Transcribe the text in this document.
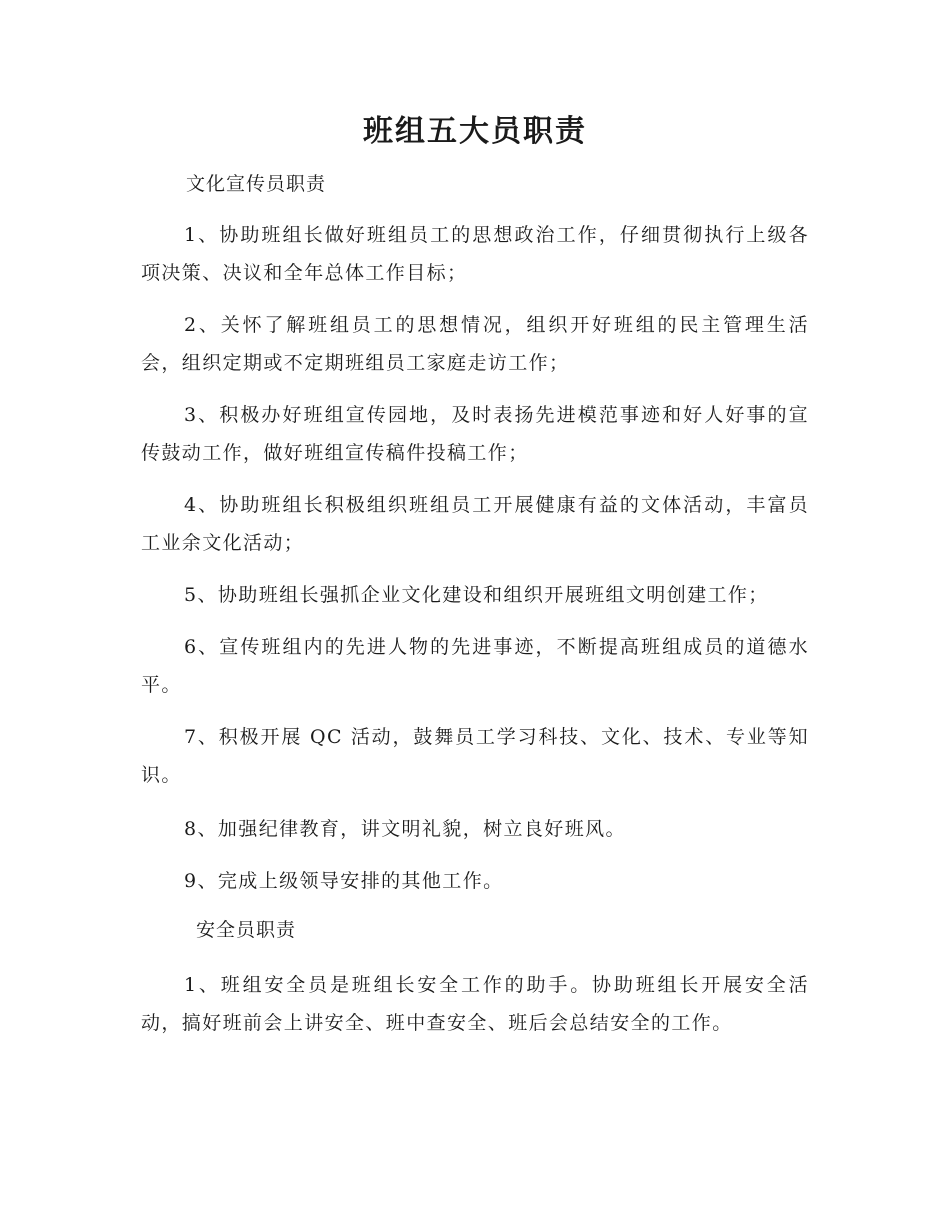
班组五大员职责

文化宣传员职责

1、协助班组长做好班组员工的思想政治工作，仔细贯彻执行上级各项决策、决议和全年总体工作目标；

2、关怀了解班组员工的思想情况，组织开好班组的民主管理生活会，组织定期或不定期班组员工家庭走访工作；

3、积极办好班组宣传园地，及时表扬先进模范事迹和好人好事的宣传鼓动工作，做好班组宣传稿件投稿工作；

4、协助班组长积极组织班组员工开展健康有益的文体活动，丰富员工业余文化活动；

5、协助班组长强抓企业文化建设和组织开展班组文明创建工作；

6、宣传班组内的先进人物的先进事迹，不断提高班组成员的道德水平。

7、积极开展 QC 活动，鼓舞员工学习科技、文化、技术、专业等知识。

8、加强纪律教育，讲文明礼貌，树立良好班风。

9、完成上级领导安排的其他工作。

安全员职责

1、班组安全员是班组长安全工作的助手。协助班组长开展安全活动，搞好班前会上讲安全、班中查安全、班后会总结安全的工作。
